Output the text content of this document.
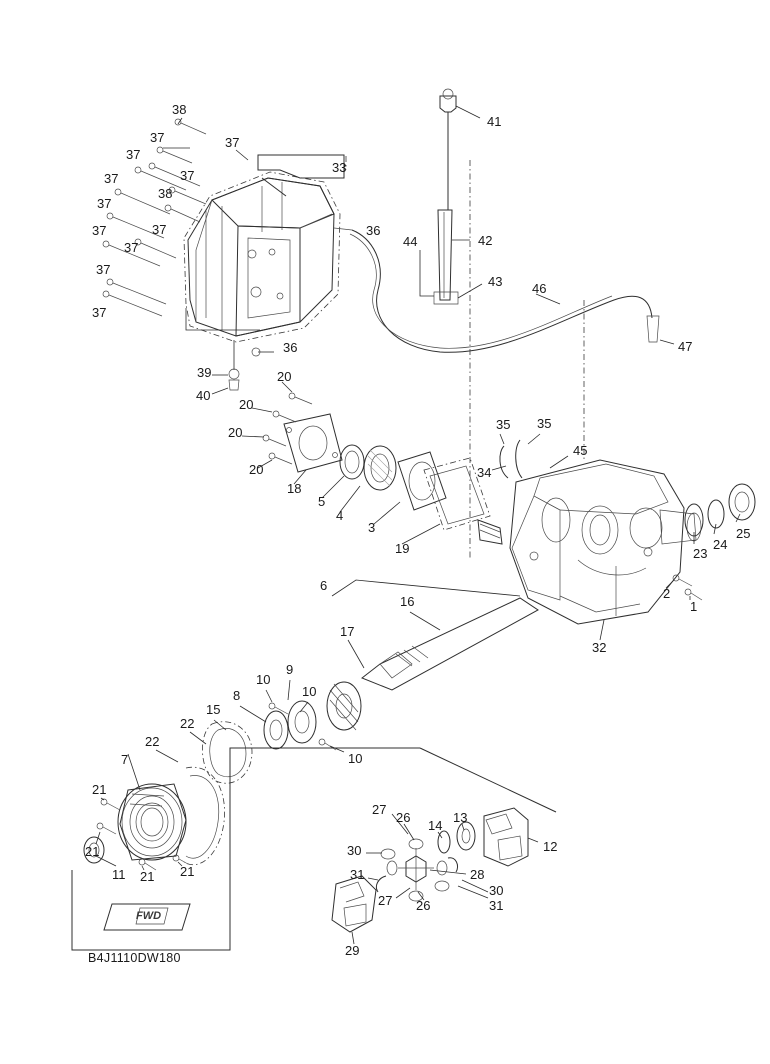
38
37	37
37
33
37	37
38
37
36
37	37
37
37
37
36
39
40
41
42
44
43 46
47
20
20
20
20
18
5
4
3
19
35 35
45
34
25
24
23
2
1
32
6
16
17
9
10
10
8
15
22
22
10
7
21
21
11 21 21
27
26
14
13
12
30
31	28
30
27 26	31
29
FWD
B4J1110DW180
